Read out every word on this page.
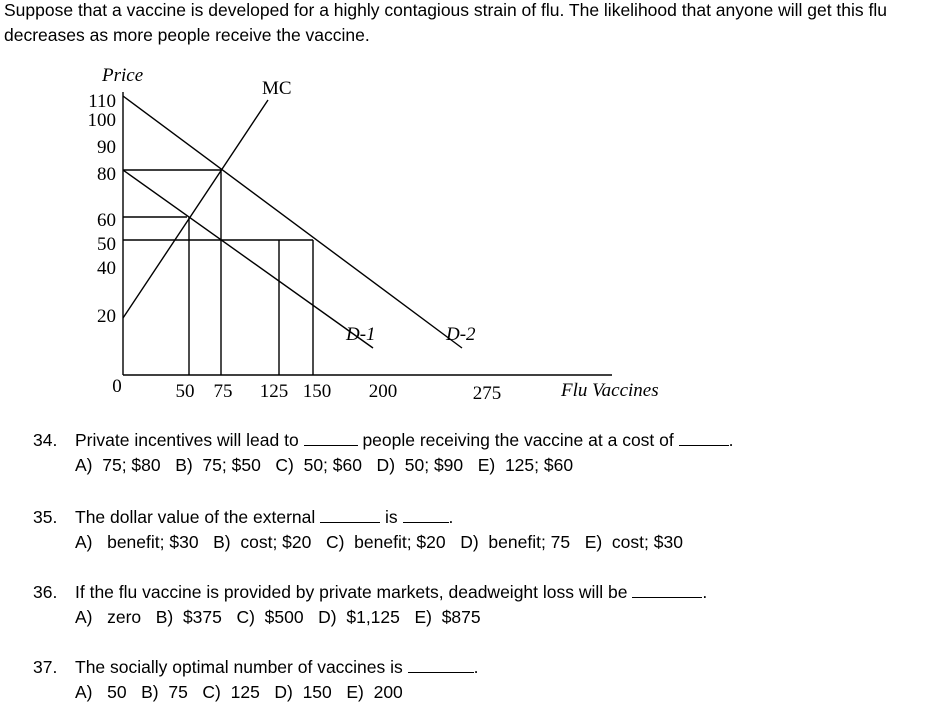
Suppose that a vaccine is developed for a highly contagious strain of flu. The likelihood that anyone will get this flu
decreases as more people receive the vaccine.
Price
Flu Vaccines
110
100
90
80
60
50
40
20
0	50 75 125 150 200	275
MC
D-1	D-2
34. Private incentives will lead to	people receiving the vaccine at a cost of	.
A)  75; $80   B)  75; $50   C)  50; $60   D)  50; $90   E)  125; $60
35. The dollar value of the external	is	.
A)   benefit; $30   B)  cost; $20   C)  benefit; $20   D)  benefit; 75   E)  cost; $30
36. If the flu vaccine is provided by private markets, deadweight loss will be	.
A)   zero   B)  $375   C)  $500   D)  $1,125   E)  $875
37. The socially optimal number of vaccines is	.
A)   50   B)  75   C)  125   D)  150   E)  200
